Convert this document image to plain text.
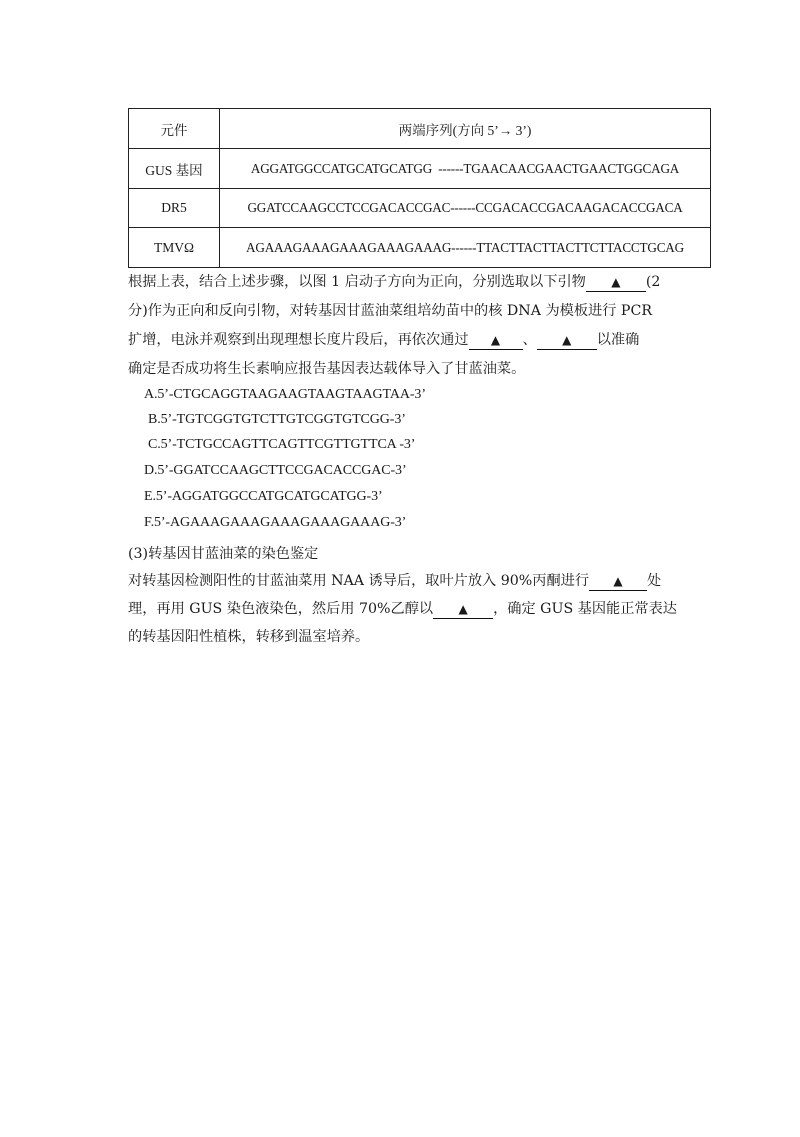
元件	两端序列(方向 5’→ 3’)
GUS 基因	AGGATGGCCATGCATGCATGG  ------TGAACAACGAACTGAACTGGCAGA
DR5	GGATCCAAGCCTCCGACACCGAC------CCGACACCGACAAGACACCGACA
TMVΩ	AGAAAGAAAGAAAGAAAGAAAG------TTACTTACTTACTTCTTACCTGCAG
根据上表，结合上述步骤，以图 1 启动子方向为正向，分别选取以下引物 ▲ (2
分)作为正向和反向引物，对转基因甘蓝油菜组培幼苗中的核 DNA 为模板进行 PCR
扩增，电泳并观察到出现理想长度片段后，再依次通过 ▲ 、 ▲ 以准确
确定是否成功将生长素响应报告基因表达载体导入了甘蓝油菜。
A.5’-CTGCAGGTAAGAAGTAAGTAAGTAA-3’
B.5’-TGTCGGTGTCTTGTCGGTGTCGG-3’
C.5’-TCTGCCAGTTCAGTTCGTTGTTCA -3’
D.5’-GGATCCAAGCTTCCGACACCGAC-3’
E.5’-AGGATGGCCATGCATGCATGG-3’
F.5’-AGAAAGAAAGAAAGAAAGAAAG-3’
(3)转基因甘蓝油菜的染色鉴定
对转基因检测阳性的甘蓝油菜用 NAA 诱导后，取叶片放入 90%丙酮进行 ▲ 处
理，再用 GUS 染色液染色，然后用 70%乙醇以 ▲ ，确定 GUS 基因能正常表达
的转基因阳性植株，转移到温室培养。
